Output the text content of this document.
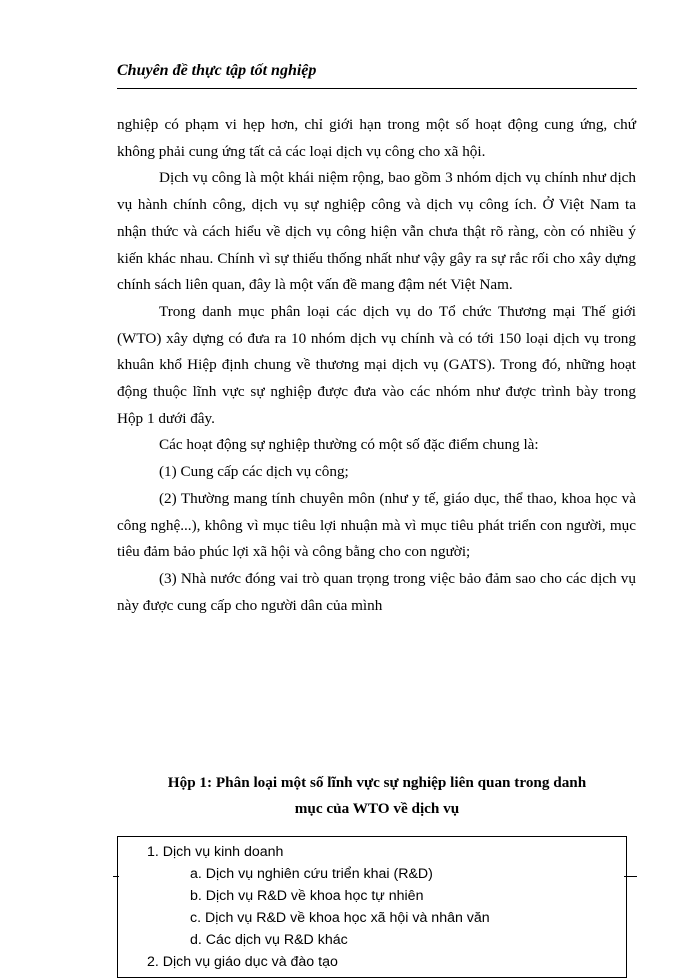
Chuyên đề thực tập tốt nghiệp

nghiệp có phạm vi hẹp hơn, chỉ giới hạn trong một số hoạt động cung ứng, chứ không phải cung ứng tất cả các loại dịch vụ công cho xã hội.

Dịch vụ công là một khái niệm rộng, bao gồm 3 nhóm dịch vụ chính như dịch vụ hành chính công, dịch vụ sự nghiệp công và dịch vụ công ích. Ở Việt Nam ta nhận thức và cách hiểu về dịch vụ công hiện vẫn chưa thật rõ ràng, còn có nhiều ý kiến khác nhau. Chính vì sự thiếu thống nhất như vậy gây ra sự rắc rối cho xây dựng chính sách liên quan, đây là một vấn đề mang đậm nét Việt Nam.

Trong danh mục phân loại các dịch vụ do Tổ chức Thương mại Thế giới (WTO) xây dựng có đưa ra 10 nhóm dịch vụ chính và có tới 150 loại dịch vụ trong khuân khổ Hiệp định chung về thương mại dịch vụ (GATS). Trong đó, những hoạt động thuộc lĩnh vực sự nghiệp được đưa vào các nhóm như được trình bày trong Hộp 1 dưới đây.

Các hoạt động sự nghiệp thường có một số đặc điểm chung là:

(1) Cung cấp các dịch vụ công;

(2) Thường mang tính chuyên môn (như y tế, giáo dục, thể thao, khoa học và công nghệ...), không vì mục tiêu lợi nhuận mà vì mục tiêu phát triển con người, mục tiêu đảm bảo phúc lợi xã hội và công bằng cho con người;

(3) Nhà nước đóng vai trò quan trọng trong việc bảo đảm sao cho các dịch vụ này được cung cấp cho người dân của mình

Hộp 1: Phân loại một số lĩnh vực sự nghiệp liên quan trong danh
mục của WTO về dịch vụ
1. Dịch vụ kinh doanh
a. Dịch vụ nghiên cứu triển khai (R&D)
b. Dịch vụ R&D về khoa học tự nhiên
c. Dịch vụ R&D về khoa học xã hội và nhân văn
d. Các dịch vụ R&D khác
2. Dịch vụ giáo dục và đào tạo
